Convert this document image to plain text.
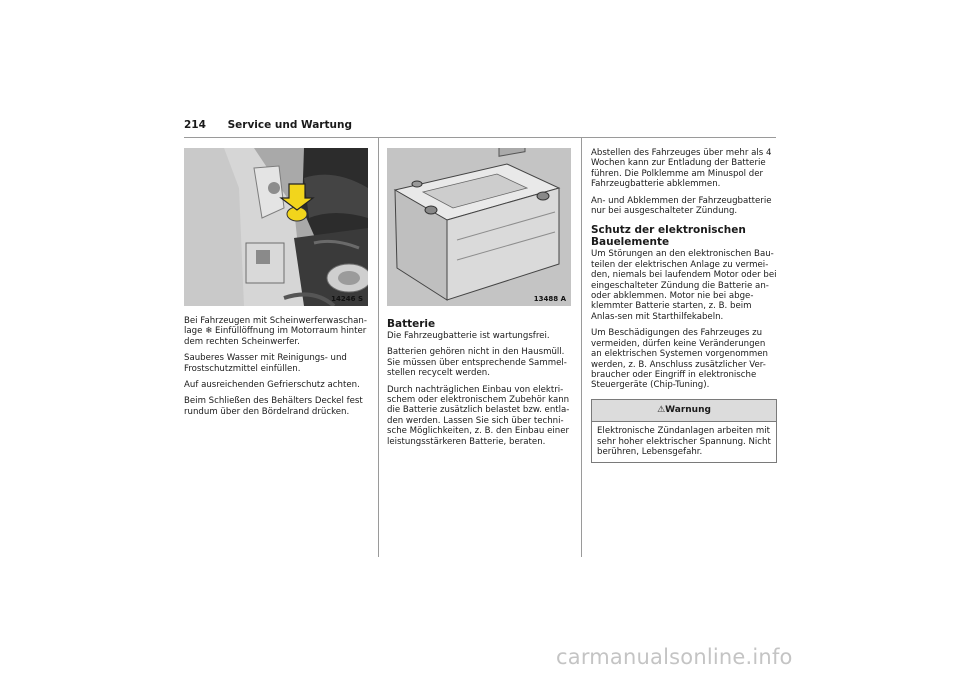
214 Service und Wartung
14246 S

Bei Fahrzeugen mit Scheinwerferwaschan-lage ❄ Einfüllöffnung im Motorraum hinter dem rechten Scheinwerfer.

Sauberes Wasser mit Reinigungs- und Frostschutzmittel einfüllen.

Auf ausreichenden Gefrierschutz achten.

Beim Schließen des Behälters Deckel fest rundum über den Bördelrand drücken.

13488 A
Batterie

Die Fahrzeugbatterie ist wartungsfrei.

Batterien gehören nicht in den Hausmüll. Sie müssen über entsprechende Sammel-stellen recycelt werden.

Durch nachträglichen Einbau von elektri-schem oder elektronischem Zubehör kann die Batterie zusätzlich belastet bzw. entla-den werden. Lassen Sie sich über techni-sche Möglichkeiten, z. B. den Einbau einer leistungsstärkeren Batterie, beraten.

Abstellen des Fahrzeuges über mehr als 4 Wochen kann zur Entladung der Batterie führen. Die Polklemme am Minuspol der Fahrzeugbatterie abklemmen.

An- und Abklemmen der Fahrzeugbatterie nur bei ausgeschalteter Zündung.

Schutz der elektronischen Bauelemente

Um Störungen an den elektronischen Bau-teilen der elektrischen Anlage zu vermei-den, niemals bei laufendem Motor oder bei eingeschalteter Zündung die Batterie an- oder abklemmen. Motor nie bei abge-klemmter Batterie starten, z. B. beim Anlas-sen mit Starthilfekabeln.

Um Beschädigungen des Fahrzeuges zu vermeiden, dürfen keine Veränderungen an elektrischen Systemen vorgenommen werden, z. B. Anschluss zusätzlicher Ver-braucher oder Eingriff in elektronische Steuergeräte (Chip-Tuning).

⚠Warnung
Elektronische Zündanlagen arbeiten mit sehr hoher elektrischer Spannung. Nicht berühren, Lebensgefahr.
carmanualsonline.info
